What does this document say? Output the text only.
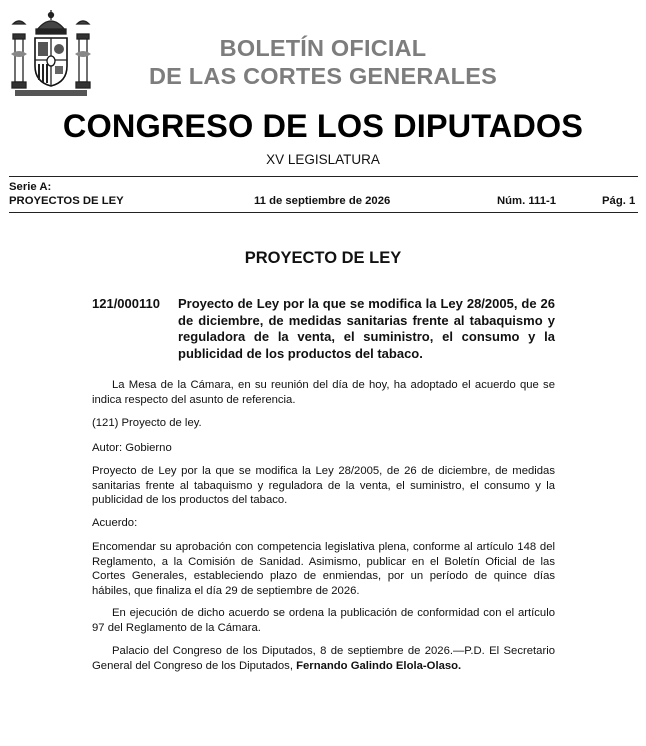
BOLETÍN OFICIAL
DE LAS CORTES GENERALES
CONGRESO DE LOS DIPUTADOS
XV LEGISLATURA
Serie A:
PROYECTOS DE LEY	11 de septiembre de 2026	Núm. 111-1	Pág. 1
PROYECTO DE LEY
121/000110 Proyecto de Ley por la que se modifica la Ley 28/2005, de 26 de diciembre, de medidas sanitarias frente al tabaquismo y reguladora de la venta, el suministro, el consumo y la publicidad de los productos del tabaco.

La Mesa de la Cámara, en su reunión del día de hoy, ha adoptado el acuerdo que se indica respecto del asunto de referencia.

(121) Proyecto de ley.

Autor: Gobierno

Proyecto de Ley por la que se modifica la Ley 28/2005, de 26 de diciembre, de medidas sanitarias frente al tabaquismo y reguladora de la venta, el suministro, el consumo y la publicidad de los productos del tabaco.

Acuerdo:

Encomendar su aprobación con competencia legislativa plena, conforme al artículo 148 del Reglamento, a la Comisión de Sanidad. Asimismo, publicar en el Boletín Oficial de las Cortes Generales, estableciendo plazo de enmiendas, por un período de quince días hábiles, que finaliza el día 29 de septiembre de 2026.

En ejecución de dicho acuerdo se ordena la publicación de conformidad con el artículo 97 del Reglamento de la Cámara.

Palacio del Congreso de los Diputados, 8 de septiembre de 2026.—P.D. El Secretario General del Congreso de los Diputados, Fernando Galindo Elola-Olaso.
